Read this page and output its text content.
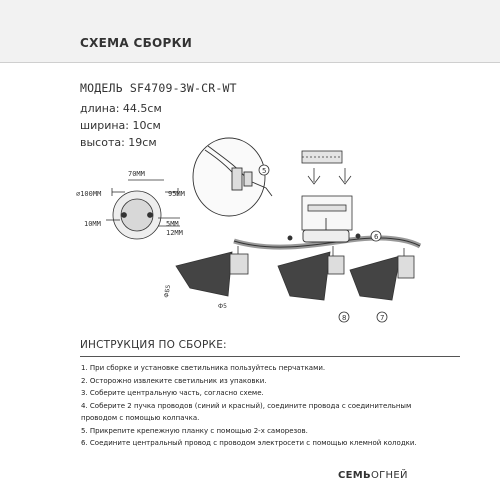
СХЕМА СБОРКИ
МОДЕЛЬ SF4709-3W-CR-WT
длина: 44.5см
ширина: 10см
высота: 19см
70ММ
⌀100ММ	95ММ
10ММ	5ММ
12ММ
5
6
ФБ5
Ф5
7
8
ИНСТРУКЦИЯ ПО СБОРКЕ:
1. При сборке и установке светильника пользуйтесь перчатками.
2. Осторожно извлеките светильник из упаковки.
3. Соберите центральную часть, согласно схеме.
4. Соберите 2 пучка проводов (синий и красный), соедините провода с соединительным проводом с помощью колпачка.
5. Прикрепите крепежную планку с помощью 2-х саморезов.
6. Соедините центральный провод с проводом электросети с помощью клемной колодки.
СЕМЬОГНЕЙ
